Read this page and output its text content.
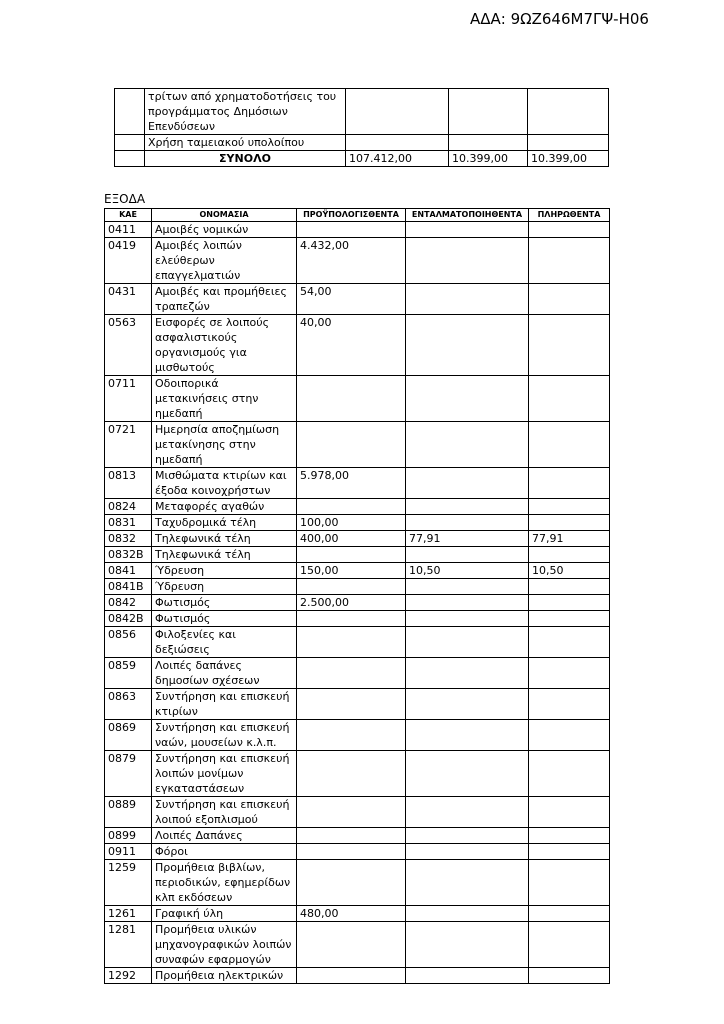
ΑΔΑ: 9ΩΖ646Μ7ΓΨ-Η06
	τρίτων από χρηματοδοτήσεις του προγράμματος Δημόσιων Επενδύσεων			
	Χρήση ταμειακού υπολοίπου			
	ΣΥΝΟΛΟ	107.412,00	10.399,00	10.399,00
ΕΞΟΔΑ
ΚΑΕ	ΟΝΟΜΑΣΙΑ	ΠΡΟΫΠΟΛΟΓΙΣΘΕΝΤΑ	ΕΝΤΑΛΜΑΤΟΠΟΙΗΘΕΝΤΑ	ΠΛΗΡΩΘΕΝΤΑ
0411	Αμοιβές νομικών			
0419	Αμοιβές λοιπών ελεύθερων επαγγελματιών	4.432,00		
0431	Αμοιβές και προμήθειες τραπεζών	54,00		
0563	Εισφορές σε λοιπούς ασφαλιστικούς οργανισμούς για μισθωτούς	40,00		
0711	Οδοιπορικά μετακινήσεις στην ημεδαπή			
0721	Ημερησία αποζημίωση μετακίνησης στην ημεδαπή			
0813	Μισθώματα κτιρίων και έξοδα κοινοχρήστων	5.978,00		
0824	Μεταφορές αγαθών			
0831	Ταχυδρομικά τέλη	100,00		
0832	Τηλεφωνικά τέλη	400,00	77,91	77,91
0832Β	Τηλεφωνικά τέλη			
0841	Ύδρευση	150,00	10,50	10,50
0841Β	Ύδρευση			
0842	Φωτισμός	2.500,00		
0842Β	Φωτισμός			
0856	Φιλοξενίες και δεξιώσεις			
0859	Λοιπές δαπάνες δημοσίων σχέσεων			
0863	Συντήρηση και επισκευή κτιρίων			
0869	Συντήρηση και επισκευή ναών, μουσείων κ.λ.π.			
0879	Συντήρηση και επισκευή λοιπών μονίμων εγκαταστάσεων			
0889	Συντήρηση και επισκευή λοιπού εξοπλισμού			
0899	Λοιπές Δαπάνες			
0911	Φόροι			
1259	Προμήθεια βιβλίων, περιοδικών, εφημερίδων κλπ εκδόσεων			
1261	Γραφική ύλη	480,00		
1281	Προμήθεια υλικών μηχανογραφικών λοιπών συναφών εφαρμογών			
1292	Προμήθεια ηλεκτρικών			
